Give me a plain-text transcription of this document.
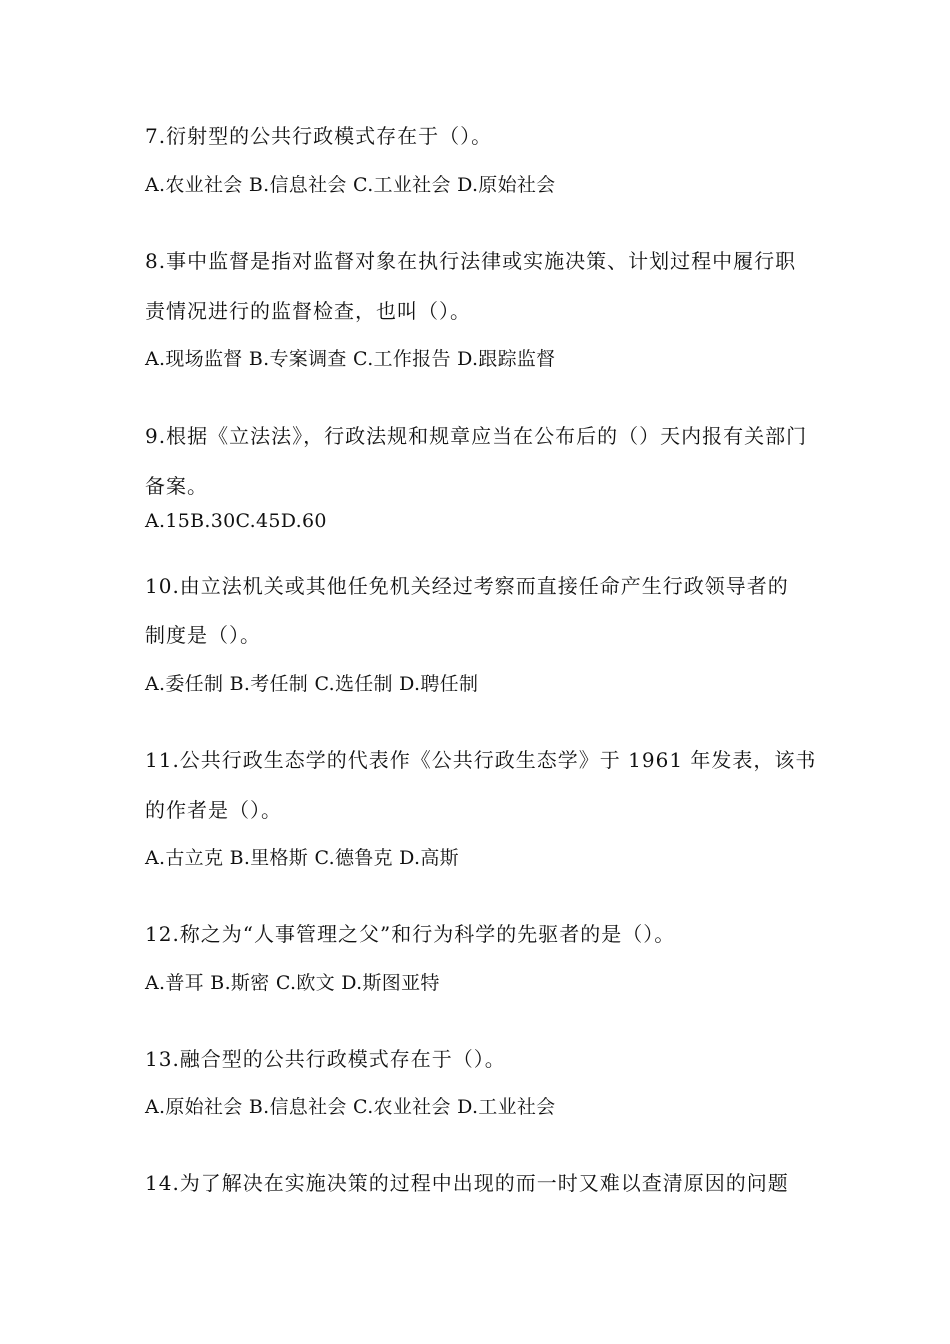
7.衍射型的公共行政模式存在于（）。
A.农业社会 B.信息社会 C.工业社会 D.原始社会
8.事中监督是指对监督对象在执行法律或实施决策、计划过程中履行职
责情况进行的监督检查，也叫（）。
A.现场监督 B.专案调查 C.工作报告 D.跟踪监督
9.根据《立法法》，行政法规和规章应当在公布后的（）天内报有关部门
备案。
A.15B.30C.45D.60
10.由立法机关或其他任免机关经过考察而直接任命产生行政领导者的
制度是（）。
A.委任制 B.考任制 C.选任制 D.聘任制
11.公共行政生态学的代表作《公共行政生态学》于 1961 年发表，该书
的作者是（）。
A.古立克 B.里格斯 C.德鲁克 D.高斯
12.称之为“人事管理之父”和行为科学的先驱者的是（）。
A.普耳 B.斯密 C.欧文 D.斯图亚特
13.融合型的公共行政模式存在于（）。
A.原始社会 B.信息社会 C.农业社会 D.工业社会
14.为了解决在实施决策的过程中出现的而一时又难以查清原因的问题
